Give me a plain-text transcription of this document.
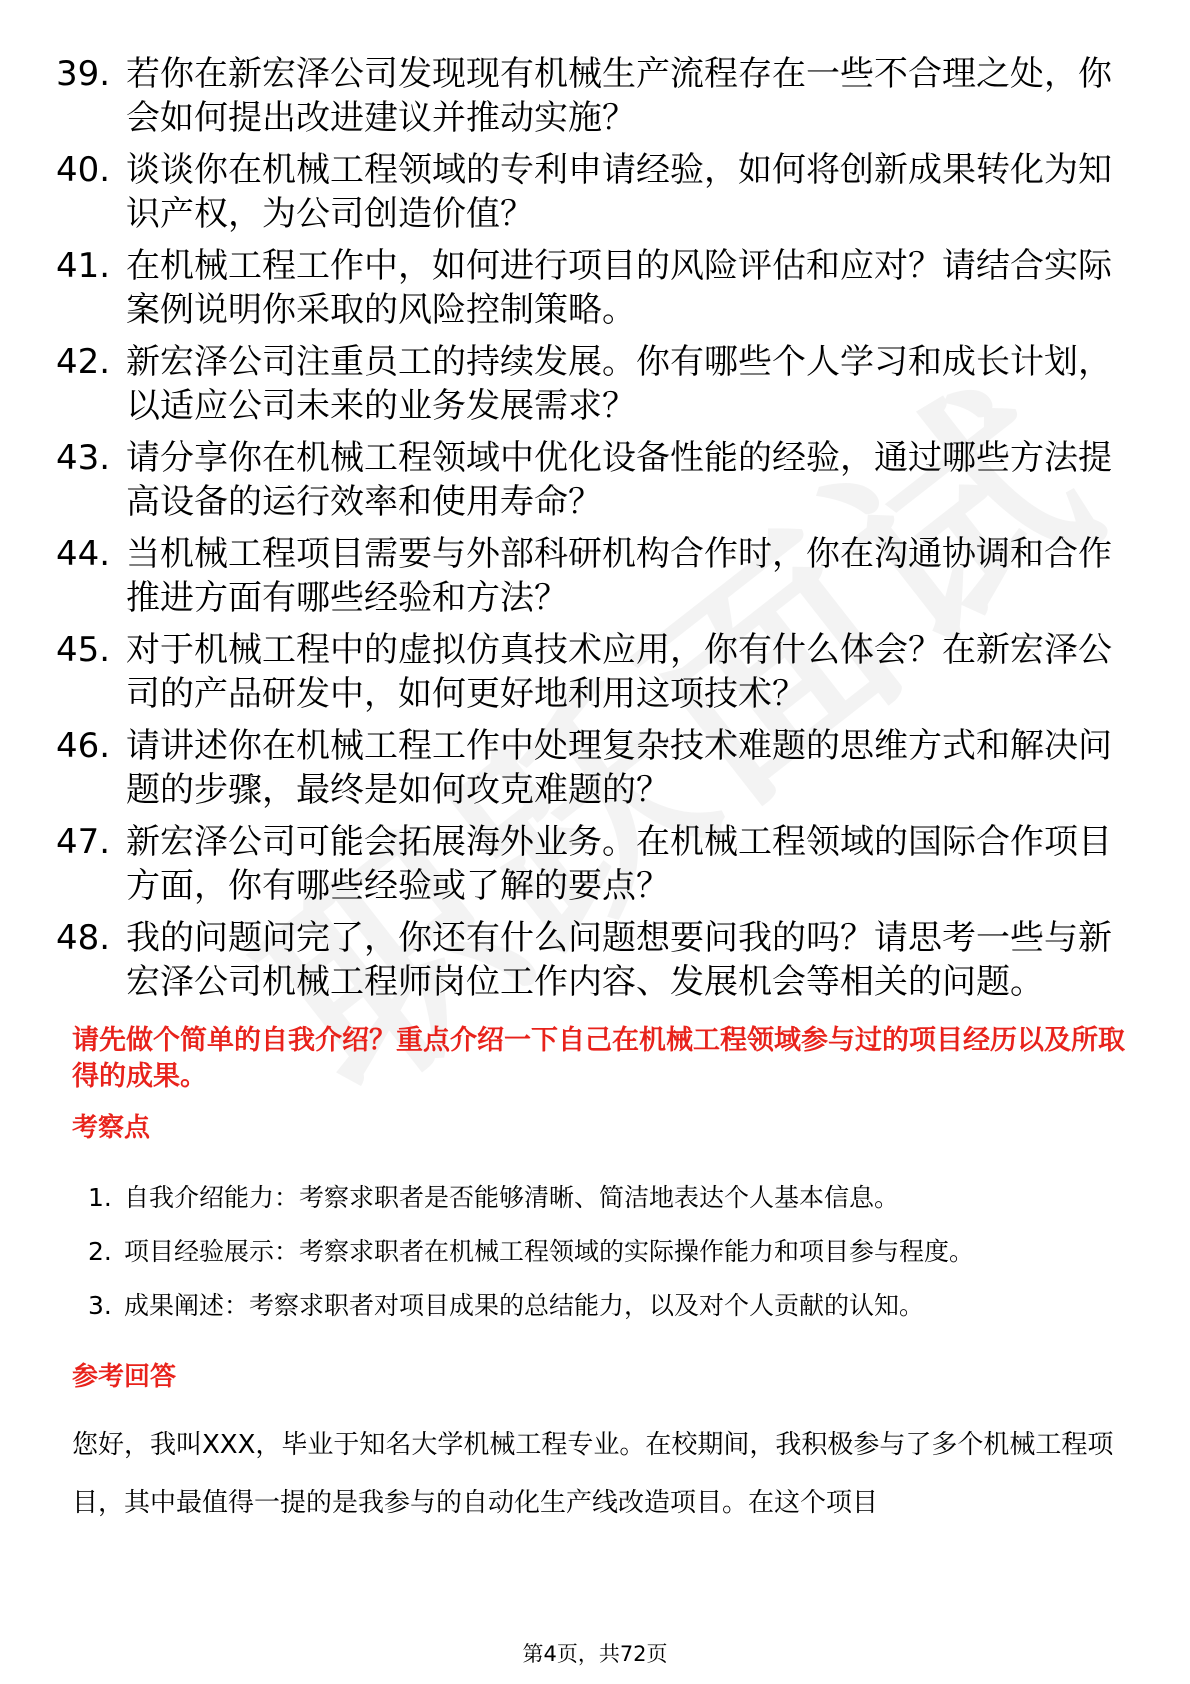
39. 若你在新宏泽公司发现现有机械生产流程存在一些不合理之处，你会如何提出改进建议并推动实施？
40. 谈谈你在机械工程领域的专利申请经验，如何将创新成果转化为知识产权，为公司创造价值？
41. 在机械工程工作中，如何进行项目的风险评估和应对？请结合实际案例说明你采取的风险控制策略。
42. 新宏泽公司注重员工的持续发展。你有哪些个人学习和成长计划，以适应公司未来的业务发展需求？
43. 请分享你在机械工程领域中优化设备性能的经验，通过哪些方法提高设备的运行效率和使用寿命？
44. 当机械工程项目需要与外部科研机构合作时，你在沟通协调和合作推进方面有哪些经验和方法？
45. 对于机械工程中的虚拟仿真技术应用，你有什么体会？在新宏泽公司的产品研发中，如何更好地利用这项技术？
46. 请讲述你在机械工程工作中处理复杂技术难题的思维方式和解决问题的步骤，最终是如何攻克难题的？
47. 新宏泽公司可能会拓展海外业务。在机械工程领域的国际合作项目方面，你有哪些经验或了解的要点？
48. 我的问题问完了，你还有什么问题想要问我的吗？请思考一些与新宏泽公司机械工程师岗位工作内容、发展机会等相关的问题。
请先做个简单的自我介绍？重点介绍一下自己在机械工程领域参与过的项目经历以及所取得的成果。
考察点
1. 自我介绍能力：考察求职者是否能够清晰、简洁地表达个人基本信息。
2. 项目经验展示：考察求职者在机械工程领域的实际操作能力和项目参与程度。
3. 成果阐述：考察求职者对项目成果的总结能力，以及对个人贡献的认知。
参考回答
您好，我叫XXX，毕业于知名大学机械工程专业。在校期间，我积极参与了多个机械工程项目，其中最值得一提的是我参与的自动化生产线改造项目。在这个项目
第4页，共72页
